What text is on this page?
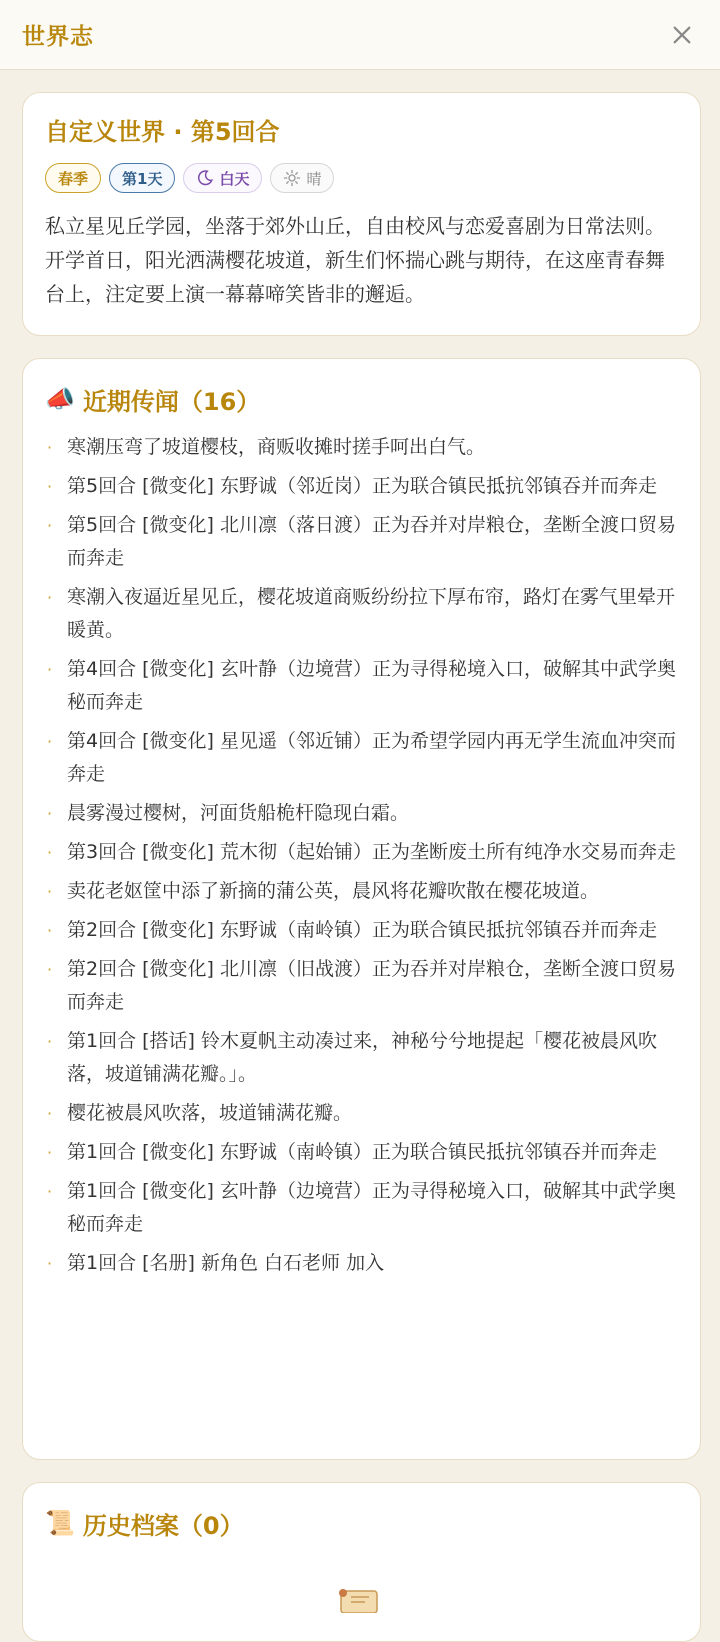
世界志
自定义世界 · 第5回合
春季 第1天	白天	晴
私立星见丘学园，坐落于郊外山丘，自由校风与恋爱喜剧为日常法则。开学首日，阳光洒满樱花坡道，新生们怀揣心跳与期待，在这座青春舞台上，注定要上演一幕幕啼笑皆非的邂逅。
📣 近期传闻（16）
· 寒潮压弯了坡道樱枝，商贩收摊时搓手呵出白气。
· 第5回合 [微变化] 东野诚（邻近岗）正为联合镇民抵抗邻镇吞并而奔走
· 第5回合 [微变化] 北川凛（落日渡）正为吞并对岸粮仓，垄断全渡口贸易而奔走
· 寒潮入夜逼近星见丘，樱花坡道商贩纷纷拉下厚布帘，路灯在雾气里晕开暖黄。
· 第4回合 [微变化] 玄叶静（边境营）正为寻得秘境入口，破解其中武学奥秘而奔走
· 第4回合 [微变化] 星见遥（邻近铺）正为希望学园内再无学生流血冲突而奔走
· 晨雾漫过樱树，河面货船桅杆隐现白霜。
· 第3回合 [微变化] 荒木彻（起始铺）正为垄断废土所有纯净水交易而奔走
· 卖花老妪筐中添了新摘的蒲公英，晨风将花瓣吹散在樱花坡道。
· 第2回合 [微变化] 东野诚（南岭镇）正为联合镇民抵抗邻镇吞并而奔走
· 第2回合 [微变化] 北川凛（旧战渡）正为吞并对岸粮仓，垄断全渡口贸易而奔走
· 第1回合 [搭话] 铃木夏帆主动凑过来，神秘兮兮地提起「樱花被晨风吹落，坡道铺满花瓣。」。
· 樱花被晨风吹落，坡道铺满花瓣。
· 第1回合 [微变化] 东野诚（南岭镇）正为联合镇民抵抗邻镇吞并而奔走
· 第1回合 [微变化] 玄叶静（边境营）正为寻得秘境入口，破解其中武学奥秘而奔走
· 第1回合 [名册] 新角色 白石老师 加入
📜 历史档案（0）
